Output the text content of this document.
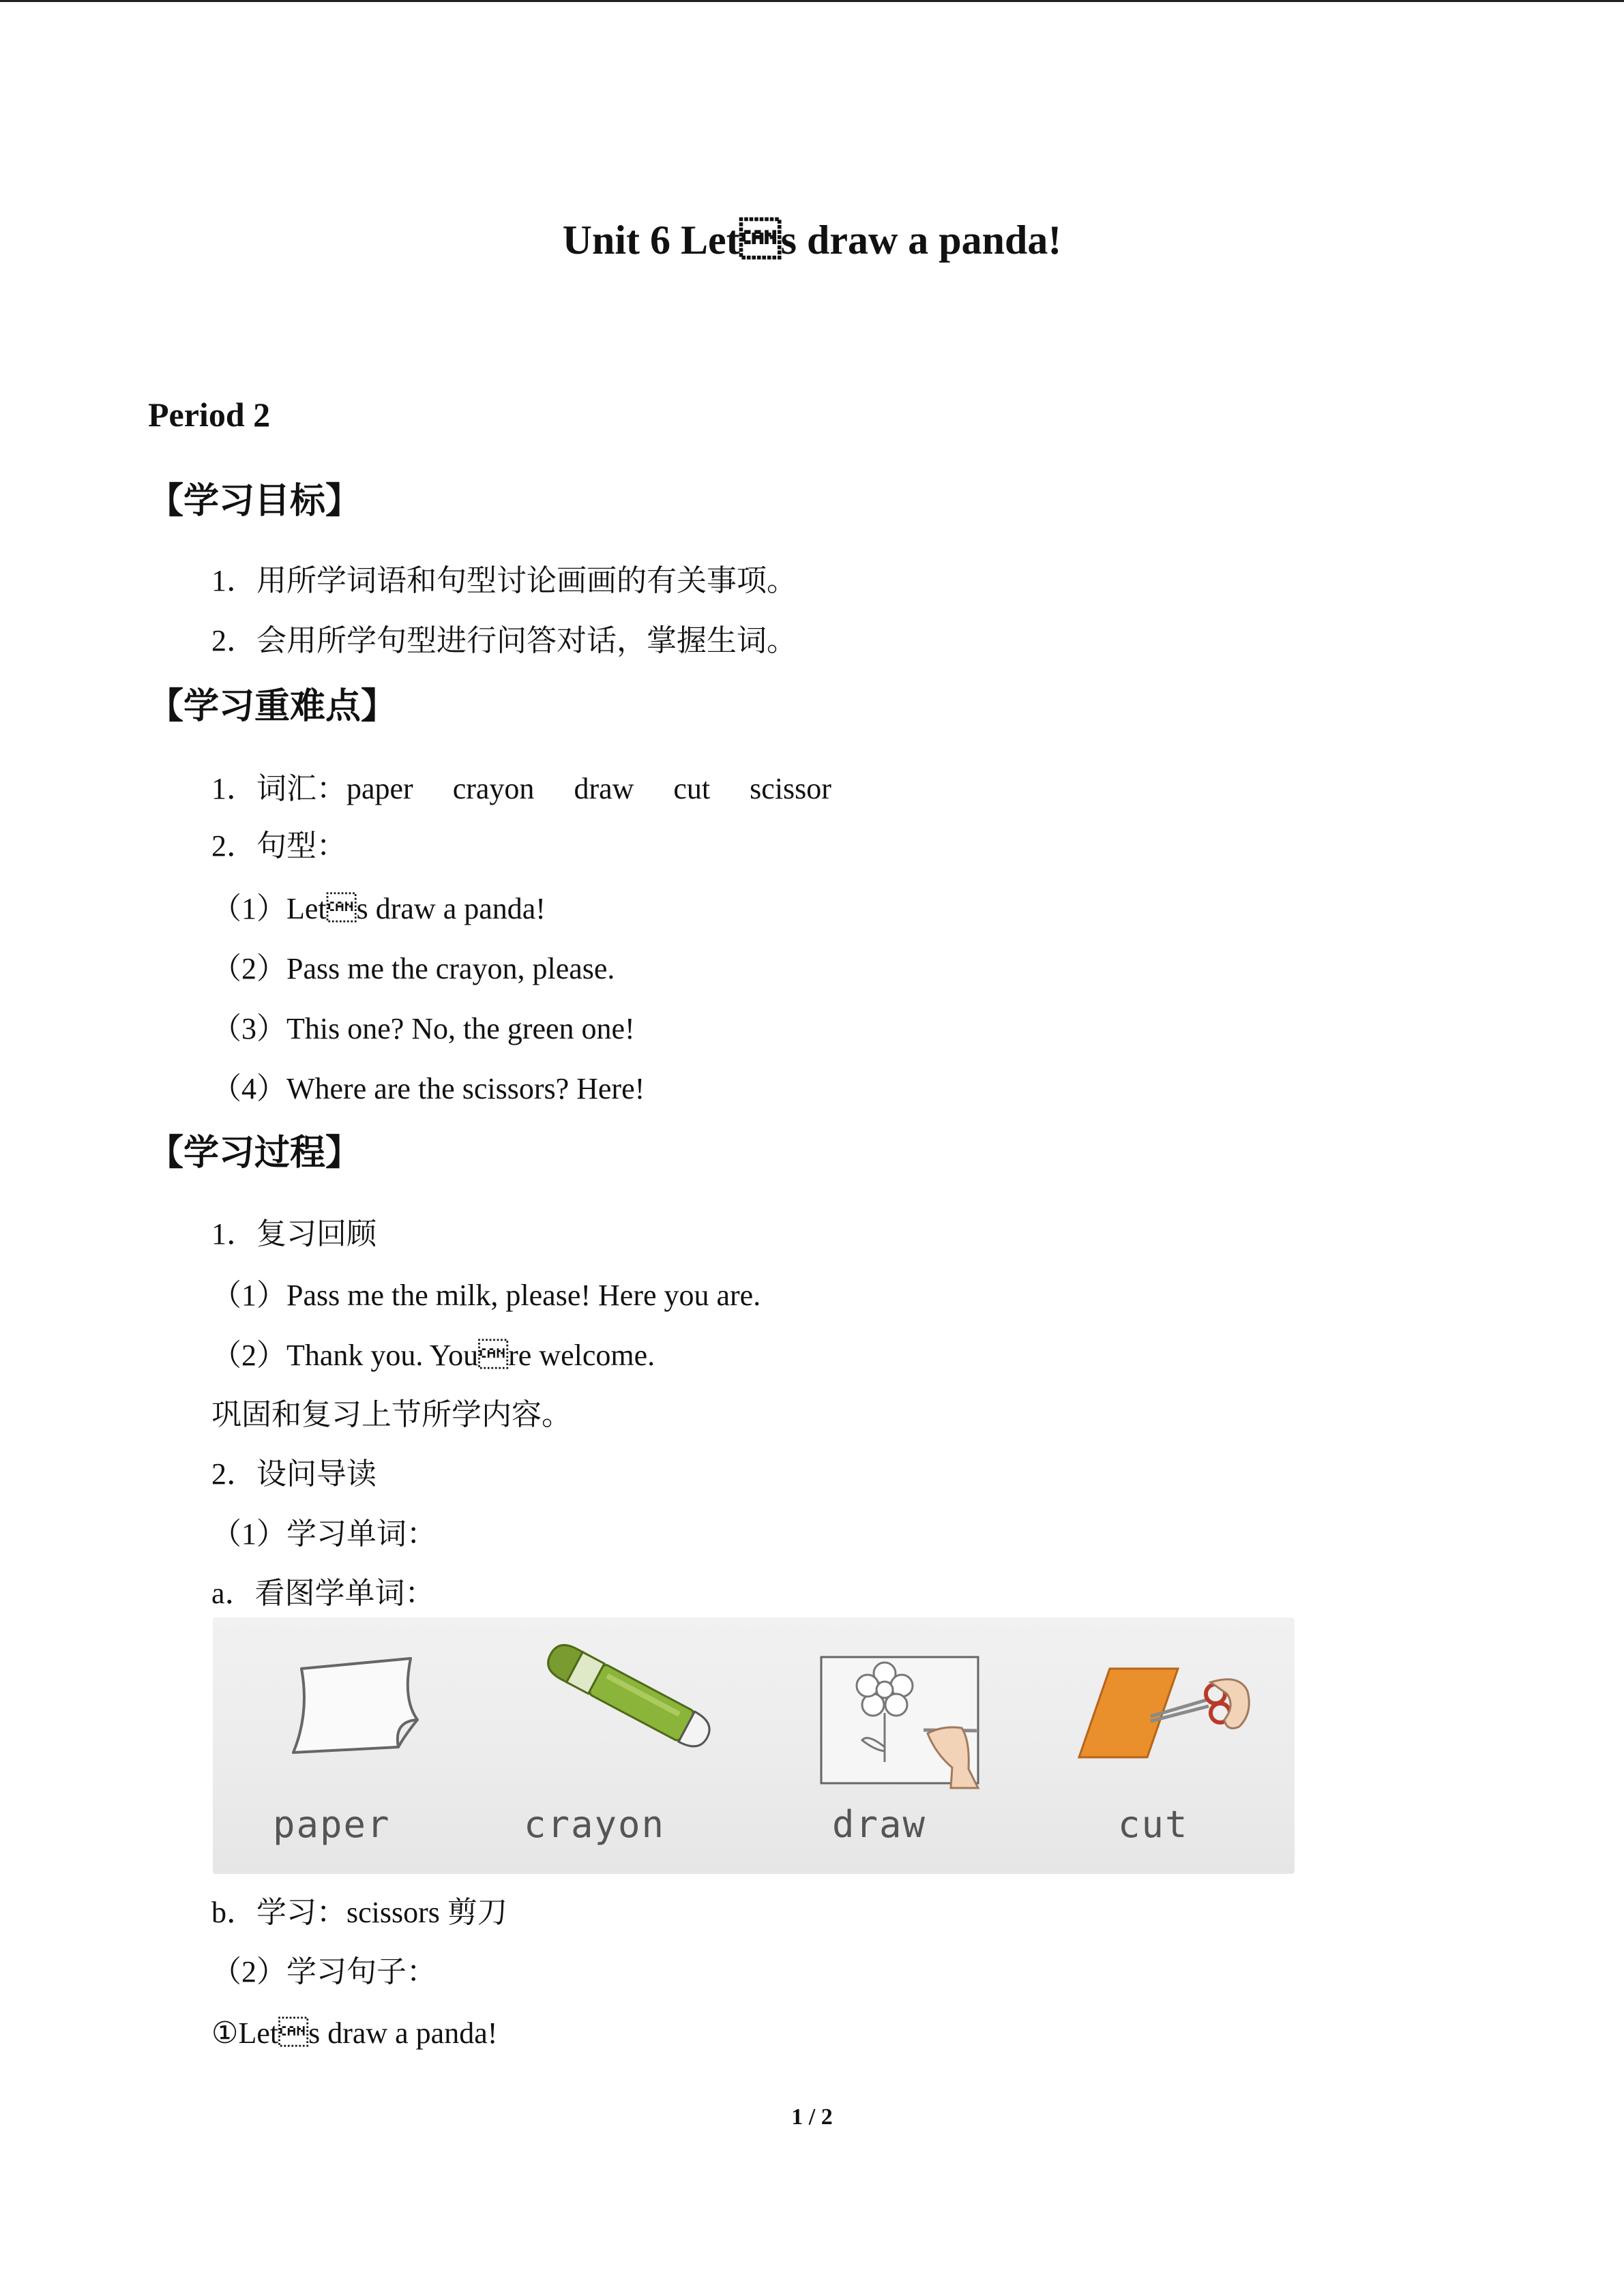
Unit 6 Lets draw a panda!
Period 2
【学习目标】
1．用所学词语和句型讨论画画的有关事项。
2．会用所学句型进行问答对话，掌握生词。
【学习重难点】
1．词汇：paper crayon draw cut scissor
2．句型：
（1）Lets draw a panda!
（2）Pass me the crayon, please.
（3）This one? No, the green one!
（4）Where are the scissors? Here!
【学习过程】
1．复习回顾
（1）Pass me the milk, please! Here you are.
（2）Thank you. Youre welcome.
巩固和复习上节所学内容。
2．设问导读
（1）学习单词：
a．看图学单词：
paper	crayon	draw	cut
b．学习：scissors 剪刀
（2）学习句子：
①Lets draw a panda!
1 / 2
